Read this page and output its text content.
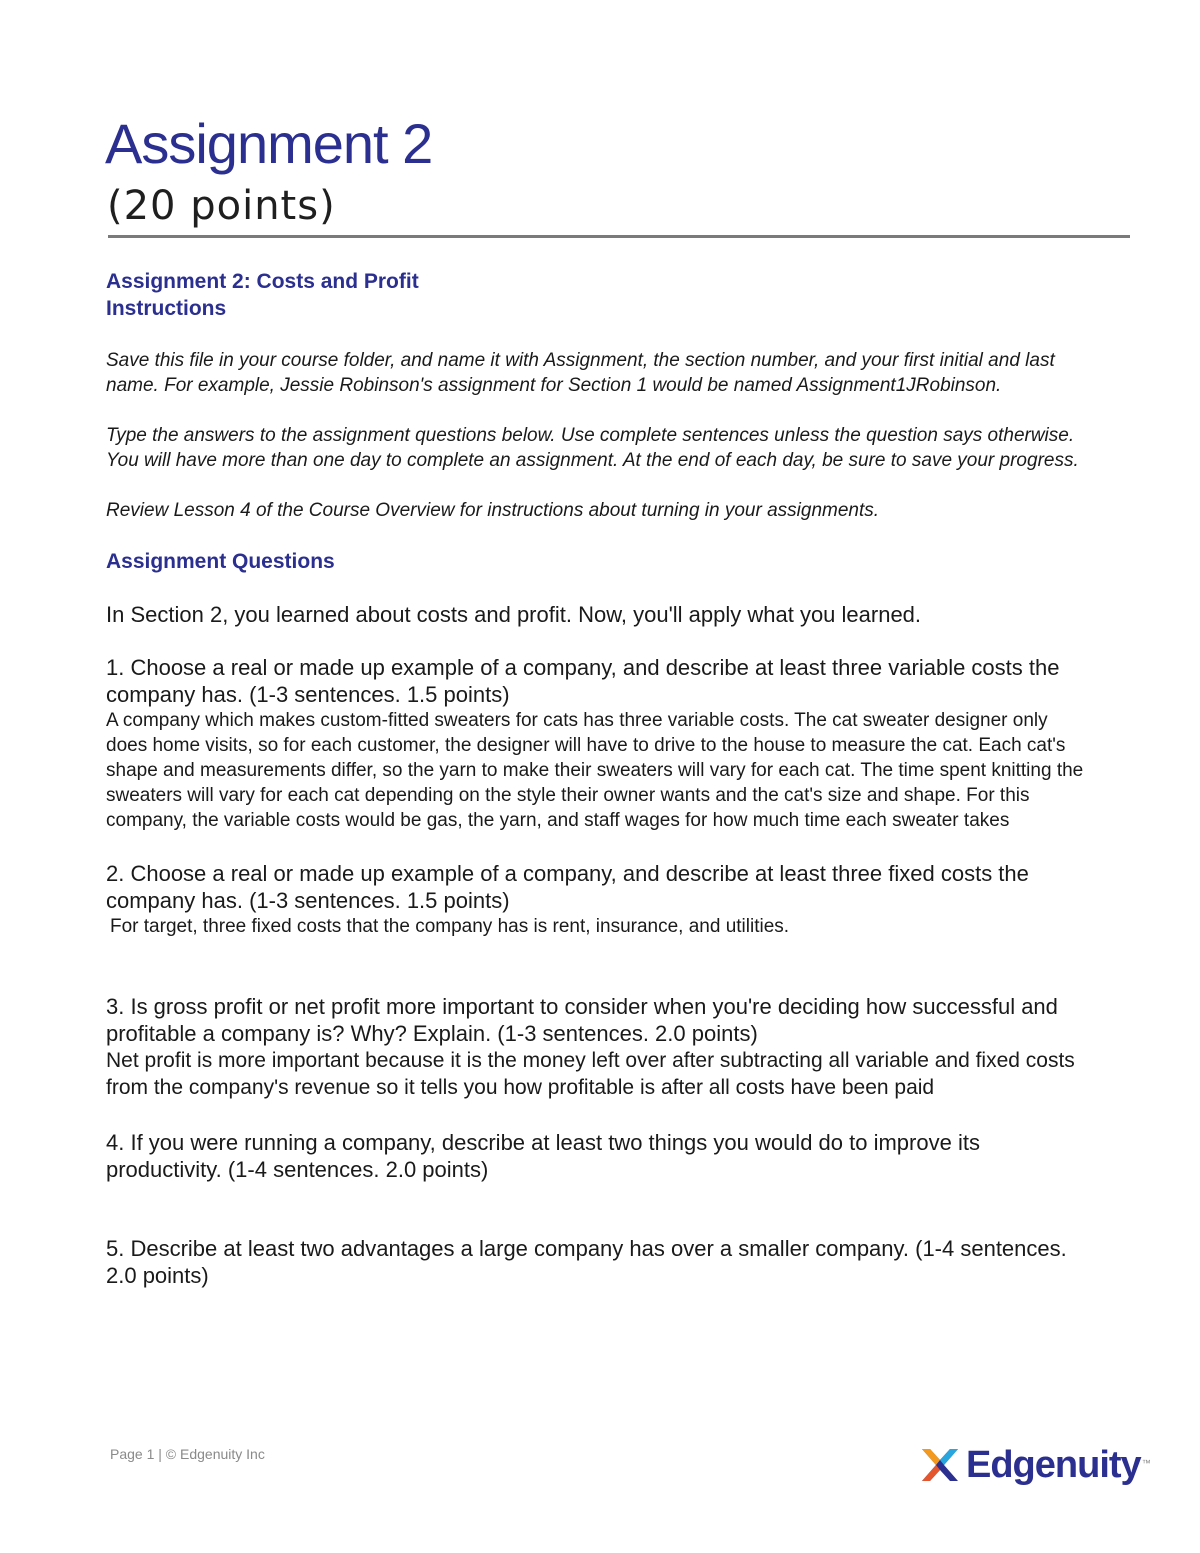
Assignment 2
(20 points)

Assignment 2: Costs and Profit

Instructions

Save this file in your course folder, and name it with Assignment, the section number, and your first initial and last name. For example, Jessie Robinson's assignment for Section 1 would be named Assignment1JRobinson.

Type the answers to the assignment questions below. Use complete sentences unless the question says otherwise. You will have more than one day to complete an assignment. At the end of each day, be sure to save your progress.

Review Lesson 4 of the Course Overview for instructions about turning in your assignments.

Assignment Questions

In Section 2, you learned about costs and profit. Now, you'll apply what you learned.

1. Choose a real or made up example of a company, and describe at least three variable costs the company has. (1-3 sentences. 1.5 points)

A company which makes custom-fitted sweaters for cats has three variable costs. The cat sweater designer only does home visits, so for each customer, the designer will have to drive to the house to measure the cat. Each cat's shape and measurements differ, so the yarn to make their sweaters will vary for each cat. The time spent knitting the sweaters will vary for each cat depending on the style their owner wants and the cat's size and shape. For this company, the variable costs would be gas, the yarn, and staff wages for how much time each sweater takes

2. Choose a real or made up example of a company, and describe at least three fixed costs the company has. (1-3 sentences. 1.5 points)

For target, three fixed costs that the company has is rent, insurance, and utilities.

3. Is gross profit or net profit more important to consider when you're deciding how successful and profitable a company is? Why? Explain. (1-3 sentences. 2.0 points)

Net profit is more important because it is the money left over after subtracting all variable and fixed costs from the company's revenue so it tells you how profitable is after all costs have been paid

4. If you were running a company, describe at least two things you would do to improve its productivity. (1-4 sentences. 2.0 points)

5. Describe at least two advantages a large company has over a smaller company. (1-4 sentences. 2.0 points)

Page 1 | © Edgenuity Inc	Edgenuity ™
